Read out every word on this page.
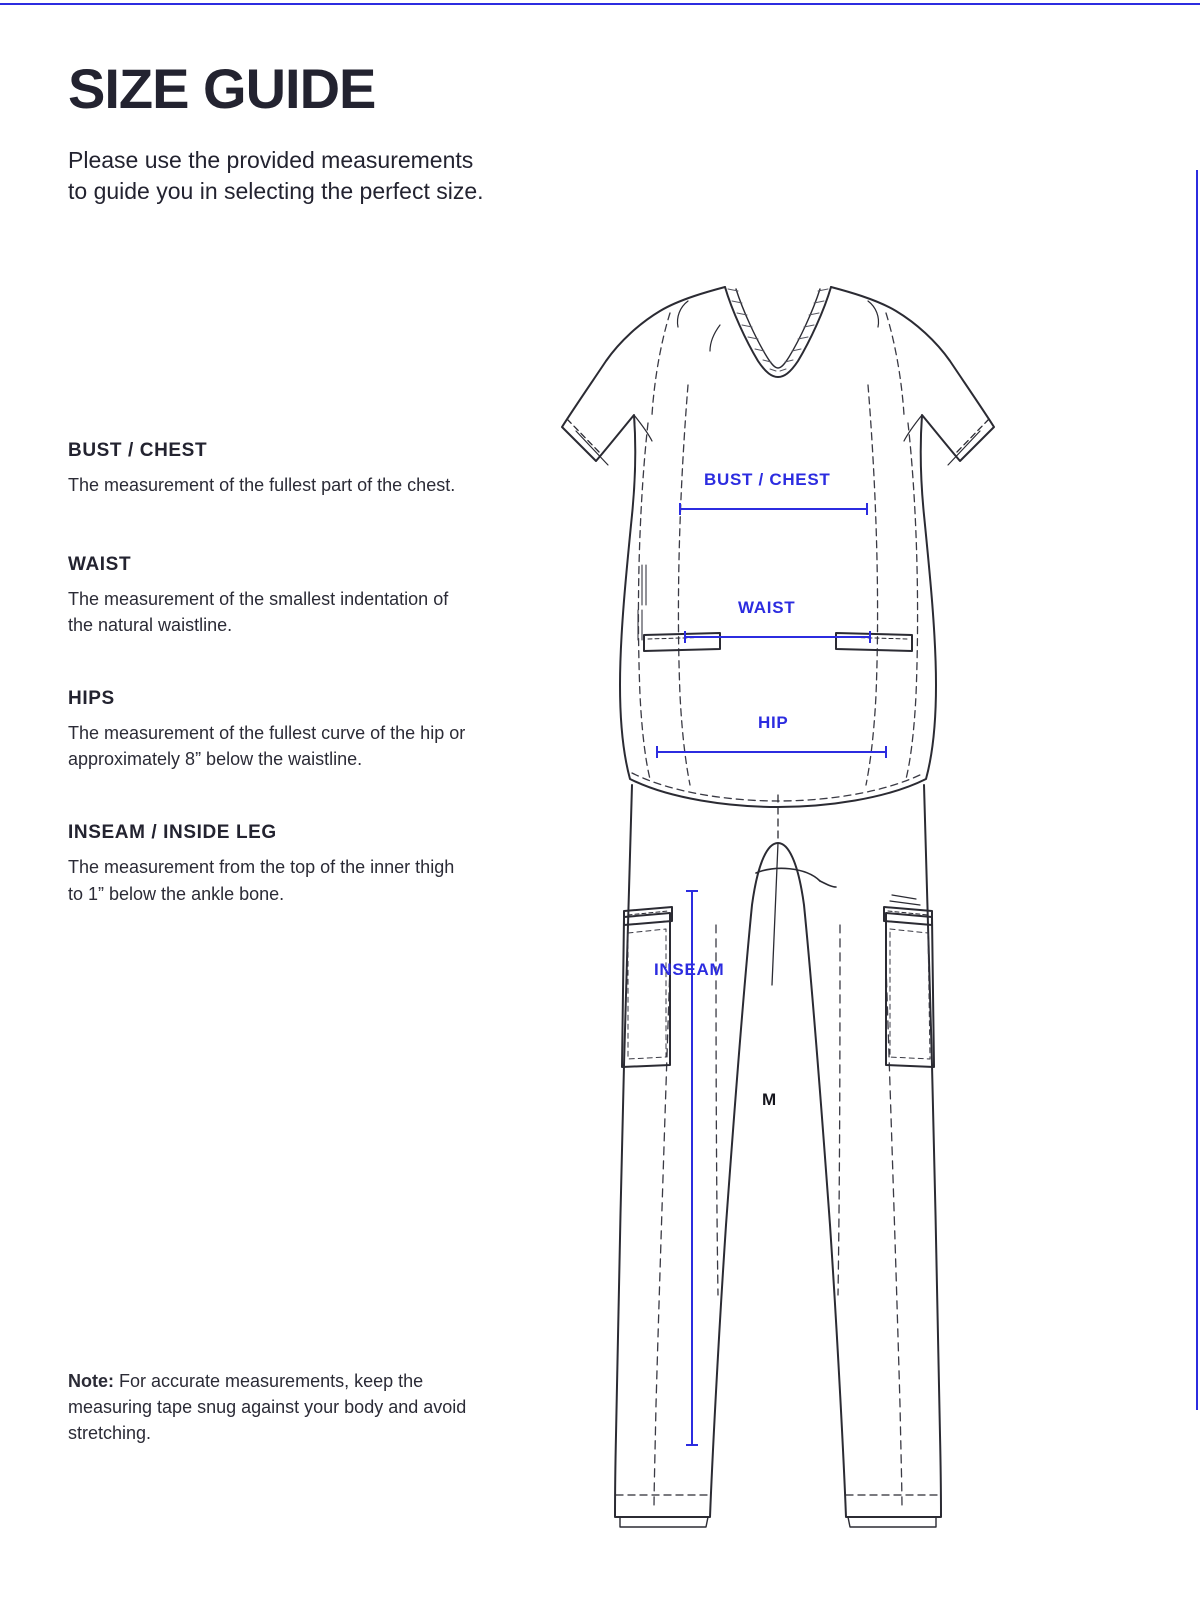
SIZE GUIDE

Please use the provided measurements to guide you in selecting the perfect size.

BUST / CHEST

The measurement of the fullest part of the chest.

WAIST

The measurement of the smallest indentation of the natural waistline.

HIPS

The measurement of the fullest curve of the hip or approximately 8” below the waistline.

INSEAM / INSIDE LEG

The measurement from the top of the inner thigh to 1” below the ankle bone.

Note: For accurate measurements, keep the measuring tape snug against your body and avoid stretching.
BUST / CHEST
WAIST
HIP
INSEAM
M
